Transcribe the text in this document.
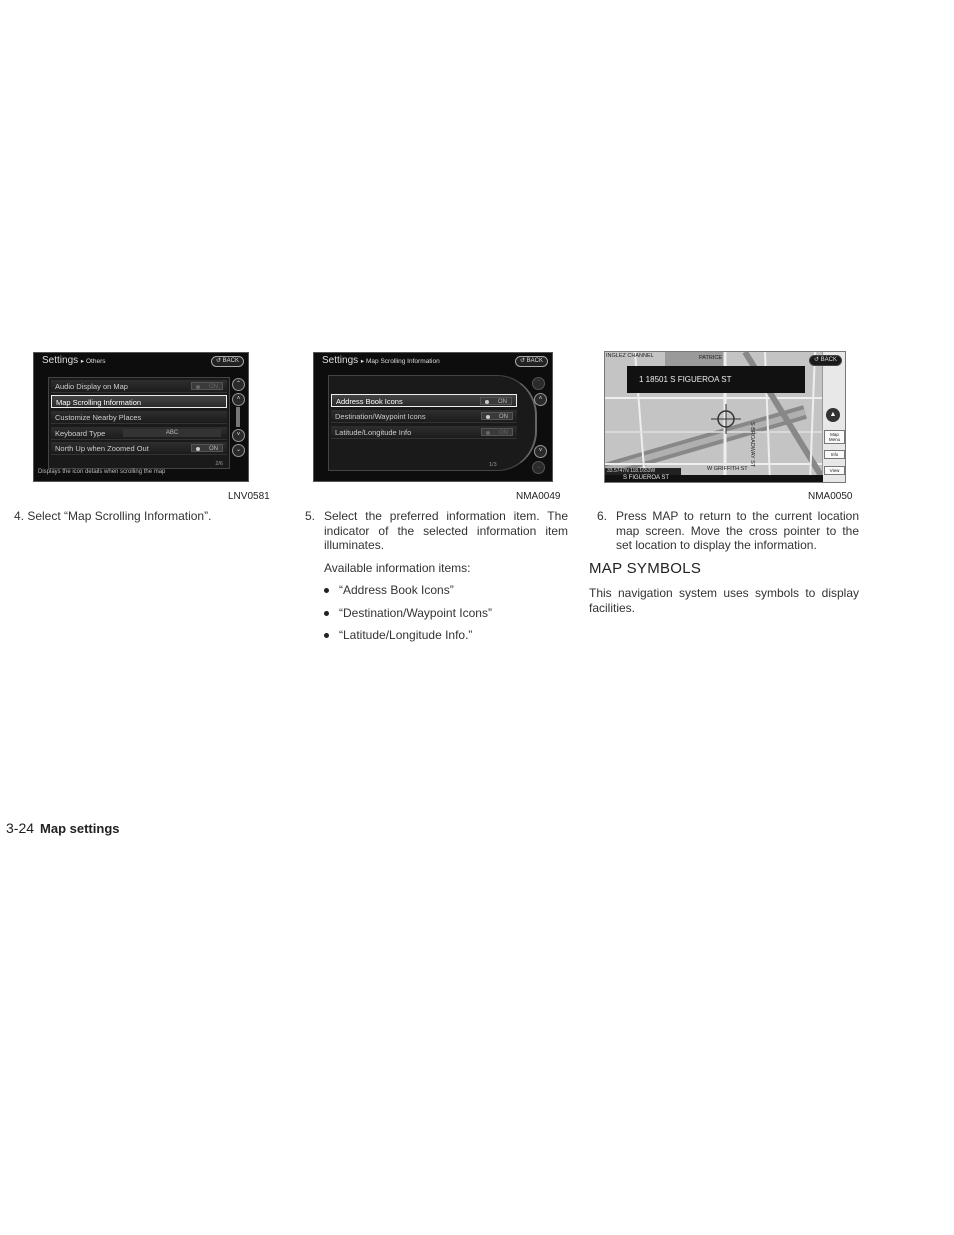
Settings ▸ Others	↺ BACK
Audio Display on Map	ON
Map Scrolling Information
Customize Nearby Places
Keyboard Type	ABC
North Up when Zoomed Out	ON
2/6
⌃
˄
˅
⌄
Displays the icon details when scrolling the map
LNV0581
Settings ▸ Map Scrolling Information	↺ BACK
Address Book Icons	ON
Destination/Waypoint Icons	ON
Latitude/Longitude Info	ON
1/3
⌃
˄
˅
⌄
NMA0049
INGLEZ CHANNEL	PATRICE
S BROADWAY ST
W GRIFFITH ST
1 18501 S FIGUEROA ST
▲
Map Menu
Info
View
↺ BACK
33.5747N 118.1653W
S FIGUEROA ST
NMA0050
4. Select “Map Scrolling Information”.	5. Select the preferred information item. The indicator of the selected information item illuminates.
Available information items:
“Address Book Icons”
“Destination/Waypoint Icons”
“Latitude/Longitude Info.”
6. Press MAP to return to the current location map screen. Move the cross pointer to the set location to display the information.
MAP SYMBOLS
This navigation system uses symbols to display facilities.
3-24 Map settings
